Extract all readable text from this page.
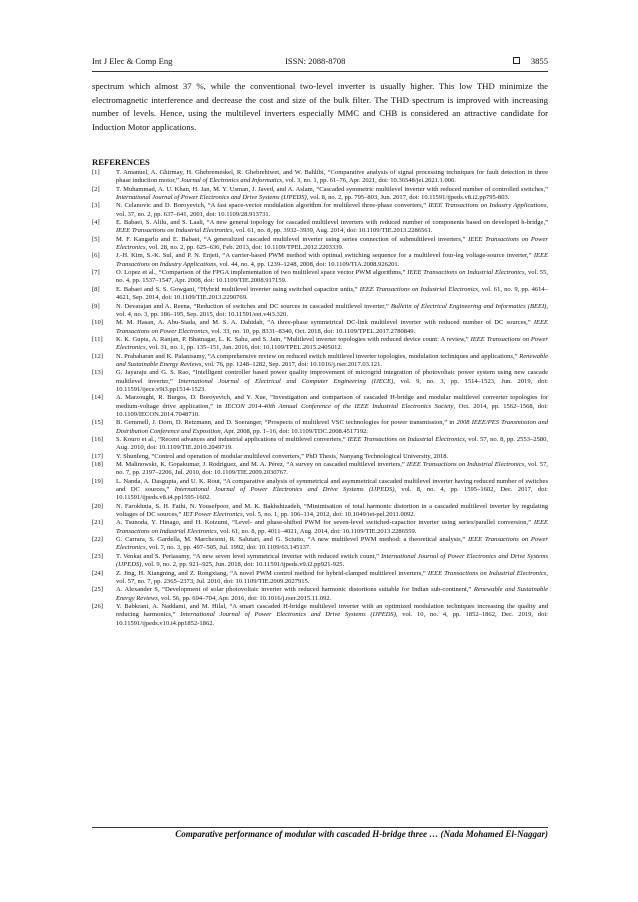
Int J Elec & Comp Eng	ISSN: 2088-8708	3855

spectrum which almost 37 %, while the conventional two-level inverter is usually higher. This low THD minimize the electromagnetic interference and decrease the cost and size of the bulk filter. The THD spectrum is improved with increasing number of levels. Hence, using the multilevel inverters especially MMC and CHB is considered an attractive candidate for Induction Motor applications.

REFERENCES
[1]	T. Amanuel, A. Ghirmay, H. Ghebremeskel, R. Ghebrehiwet, and W. Bahlibi, “Comparative analysis of signal processing techniques for fault detection in three phase induction motor,” Journal of Electronics and Informatics, vol. 3, no. 1, pp. 61–76, Apr. 2021, doi: 10.36548/jei.2021.1.006.
[2]	T. Muhammad, A. U. Khan, H. Jan, M. Y. Usman, J. Javed, and A. Aslam, “Cascaded symmetric multilevel inverter with reduced number of controlled switches,” International Journal of Power Electronics and Drive Systems (IJPEDS), vol. 8, no. 2, pp. 795–803, Jun. 2017, doi: 10.11591/ijpeds.v8.i2.pp795-803.
[3]	N. Celanovic and D. Boroyevich, “A fast space-vector modulation algorithm for multilevel three-phase converters,” IEEE Transactions on Industry Applications, vol. 37, no. 2, pp. 637–641, 2001, doi: 10.1109/28.913731.
[4]	E. Babaei, S. Alilu, and S. Laali, “A new general topology for cascaded multilevel inverters with reduced number of components based on developed h-bridge,” IEEE Transactions on Industrial Electronics, vol. 61, no. 8, pp. 3932–3939, Aug. 2014, doi: 10.1109/TIE.2013.2286561.
[5]	M. F. Kangarlu and E. Babaei, “A generalized cascaded multilevel inverter using series connection of submultilevel inverters,” IEEE Transactions on Power Electronics, vol. 28, no. 2, pp. 625–636, Feb. 2013, doi: 10.1109/TPEL.2012.2203339.
[6]	J.-H. Kim, S.-K. Sul, and P. N. Enjeti, “A carrier-based PWM method with optimal switching sequence for a multilevel four-leg voltage-source inverter,” IEEE Transactions on Industry Applications, vol. 44, no. 4, pp. 1239–1248, 2008, doi: 10.1109/TIA.2008.926201.
[7]	O. Lopez et al., “Comparison of the FPGA implementation of two multilevel space vector PWM algorithms,” IEEE Transactions on Industrial Electronics, vol. 55, no. 4, pp. 1537–1547, Apr. 2008, doi: 10.1109/TIE.2008.917159.
[8]	E. Babaei and S. S. Gowgani, “Hybrid multilevel inverter using switched capacitor units,” IEEE Transactions on Industrial Electronics, vol. 61, no. 9, pp. 4614–4621, Sep. 2014, doi: 10.1109/TIE.2013.2290769.
[9]	N. Devarajan and A. Reena, “Reduction of switches and DC sources in cascaded multilevel inverter,” Bulletin of Electrical Engineering and Informatics (BEEI), vol. 4, no. 3, pp. 186–195, Sep. 2015, doi: 10.11591/eei.v4i3.320.
[10]	M. M. Hasan, A. Abu-Siada, and M. S. A. Dahidah, “A three-phase symmetrical DC-link multilevel inverter with reduced number of DC sources,” IEEE Transactions on Power Electronics, vol. 33, no. 10, pp. 8331–8340, Oct. 2018, doi: 10.1109/TPEL.2017.2780849.
[11]	K. K. Gupta, A. Ranjan, P. Bhatnagar, L. K. Sahu, and S. Jain, “Multilevel inverter topologies with reduced device count: A review,” IEEE Transactions on Power Electronics, vol. 31, no. 1, pp. 135–151, Jan. 2016, doi: 10.1109/TPEL.2015.2405012.
[12]	N. Prabaharan and K. Palanisamy, “A comprehensive review on reduced switch multilevel inverter topologies, modulation techniques and applications,” Renewable and Sustainable Energy Reviews, vol. 76, pp. 1248–1282, Sep. 2017, doi: 10.1016/j.rser.2017.03.121.
[13]	G. Jayaraju and G. S. Rao, “Intelligent controller based power quality improvement of microgrid integration of photovoltaic power system using new cascade multilevel inverter,” International Journal of Electrical and Computer Engineering (IJECE), vol. 9, no. 3, pp. 1514–1523, Jun. 2019, doi: 10.11591/ijece.v9i3.pp1514-1523.
[14]	A. Marzoughi, R. Burgos, D. Boroyevich, and Y. Xue, “Investigation and comparison of cascaded H-bridge and modular multilevel converter topologies for medium-voltage drive application,” in IECON 2014-40th Annual Conference of the IEEE Industrial Electronics Society, Oct. 2014, pp. 1562–1568, doi: 10.1109/IECON.2014.7048710.
[15]	B. Gemmell, J. Dorn, D. Retzmann, and D. Soeranger, “Prospects of multilevel VSC technologies for power transmission,” in 2008 IEEE/PES Transmission and Distribution Conference and Exposition, Apr. 2008, pp. 1–16, doi: 10.1109/TDC.2008.4517192.
[16]	S. Kouro et al., “Recent advances and industrial applications of multilevel converters,” IEEE Transactions on Industrial Electronics, vol. 57, no. 8, pp. 2553–2580, Aug. 2010, doi: 10.1109/TIE.2010.2049719.
[17]	Y. Shunfeng, “Control and operation of modular multilevel converters,” PhD Thesis, Nanyang Technological University, 2018.
[18]	M. Malinowski, K. Gopakumar, J. Rodriguez, and M. A. Pérez, “A survey on cascaded multilevel inverters,” IEEE Transactions on Industrial Electronics, vol. 57, no. 7, pp. 2197–2206, Jul. 2010, doi: 10.1109/TIE.2009.2030767.
[19]	L. Nanda, A. Dasgupta, and U. K. Rout, “A comparative analysis of symmetrical and asymmetrical cascaded multilevel inverter having reduced number of switches and DC sources,” International Journal of Power Electronics and Drive Systems (IJPEDS), vol. 8, no. 4, pp. 1595–1602, Dec. 2017, doi: 10.11591/ijpeds.v8.i4.pp1595-1602.
[20]	N. Farokhnia, S. H. Fathi, N. Yousefpoor, and M. K. Bakhshizadeh, “Minimisation of total harmonic distortion in a cascaded multilevel inverter by regulating voltages of DC sources,” IET Power Electronics, vol. 5, no. 1, pp. 106–114, 2012, doi: 10.1049/iet-pel.2011.0092.
[21]	A. Tsunoda, Y. Hinago, and H. Koizumi, “Level- and phase-shifted PWM for seven-level switched-capacitor inverter using series/parallel conversion,” IEEE Transactions on Industrial Electronics, vol. 61, no. 8, pp. 4011–4021, Aug. 2014, doi: 10.1109/TIE.2013.2286559.
[22]	G. Carrara, S. Gardella, M. Marchesoni, R. Salutari, and G. Sciutto, “A new multilevel PWM method: a theoretical analysis,” IEEE Transactions on Power Electronics, vol. 7, no. 3, pp. 497–505, Jul. 1992, doi: 10.1109/63.145137.
[23]	T. Venkat and S. Periasamy, “A new seven level symmetrical inverter with reduced switch count,” International Journal of Power Electronics and Drive Systems (IJPEDS), vol. 9, no. 2, pp. 921–925, Jun. 2018, doi: 10.11591/ijpeds.v9.i2.pp921-925.
[24]	Z. Jing, H. Xiangning, and Z. Rongxiang, “A novel PWM control method for hybrid-clamped multilevel inverters,” IEEE Transactions on Industrial Electronics, vol. 57, no. 7, pp. 2365–2373, Jul. 2010, doi: 10.1109/TIE.2009.2027915.
[25]	A. Alexander S, “Development of solar photovoltaic inverter with reduced harmonic distortions suitable for Indian sub-continent,” Renewable and Sustainable Energy Reviews, vol. 56, pp. 694–704, Apr. 2016, doi: 10.1016/j.rser.2015.11.092.
[26]	Y. Babkrani, A. Naddami, and M. Hilal, “A smart cascaded H-bridge multilevel inverter with an optimized modulation techniques increasing the quality and reducing harmonics,” International Journal of Power Electronics and Drive Systems (IJPEDS), vol. 10, no. 4, pp. 1852–1862, Dec. 2019, doi: 10.11591/ijpeds.v10.i4.pp1852-1862.
Comparative performance of modular with cascaded H-bridge three … (Nada Mohamed El-Naggar)
